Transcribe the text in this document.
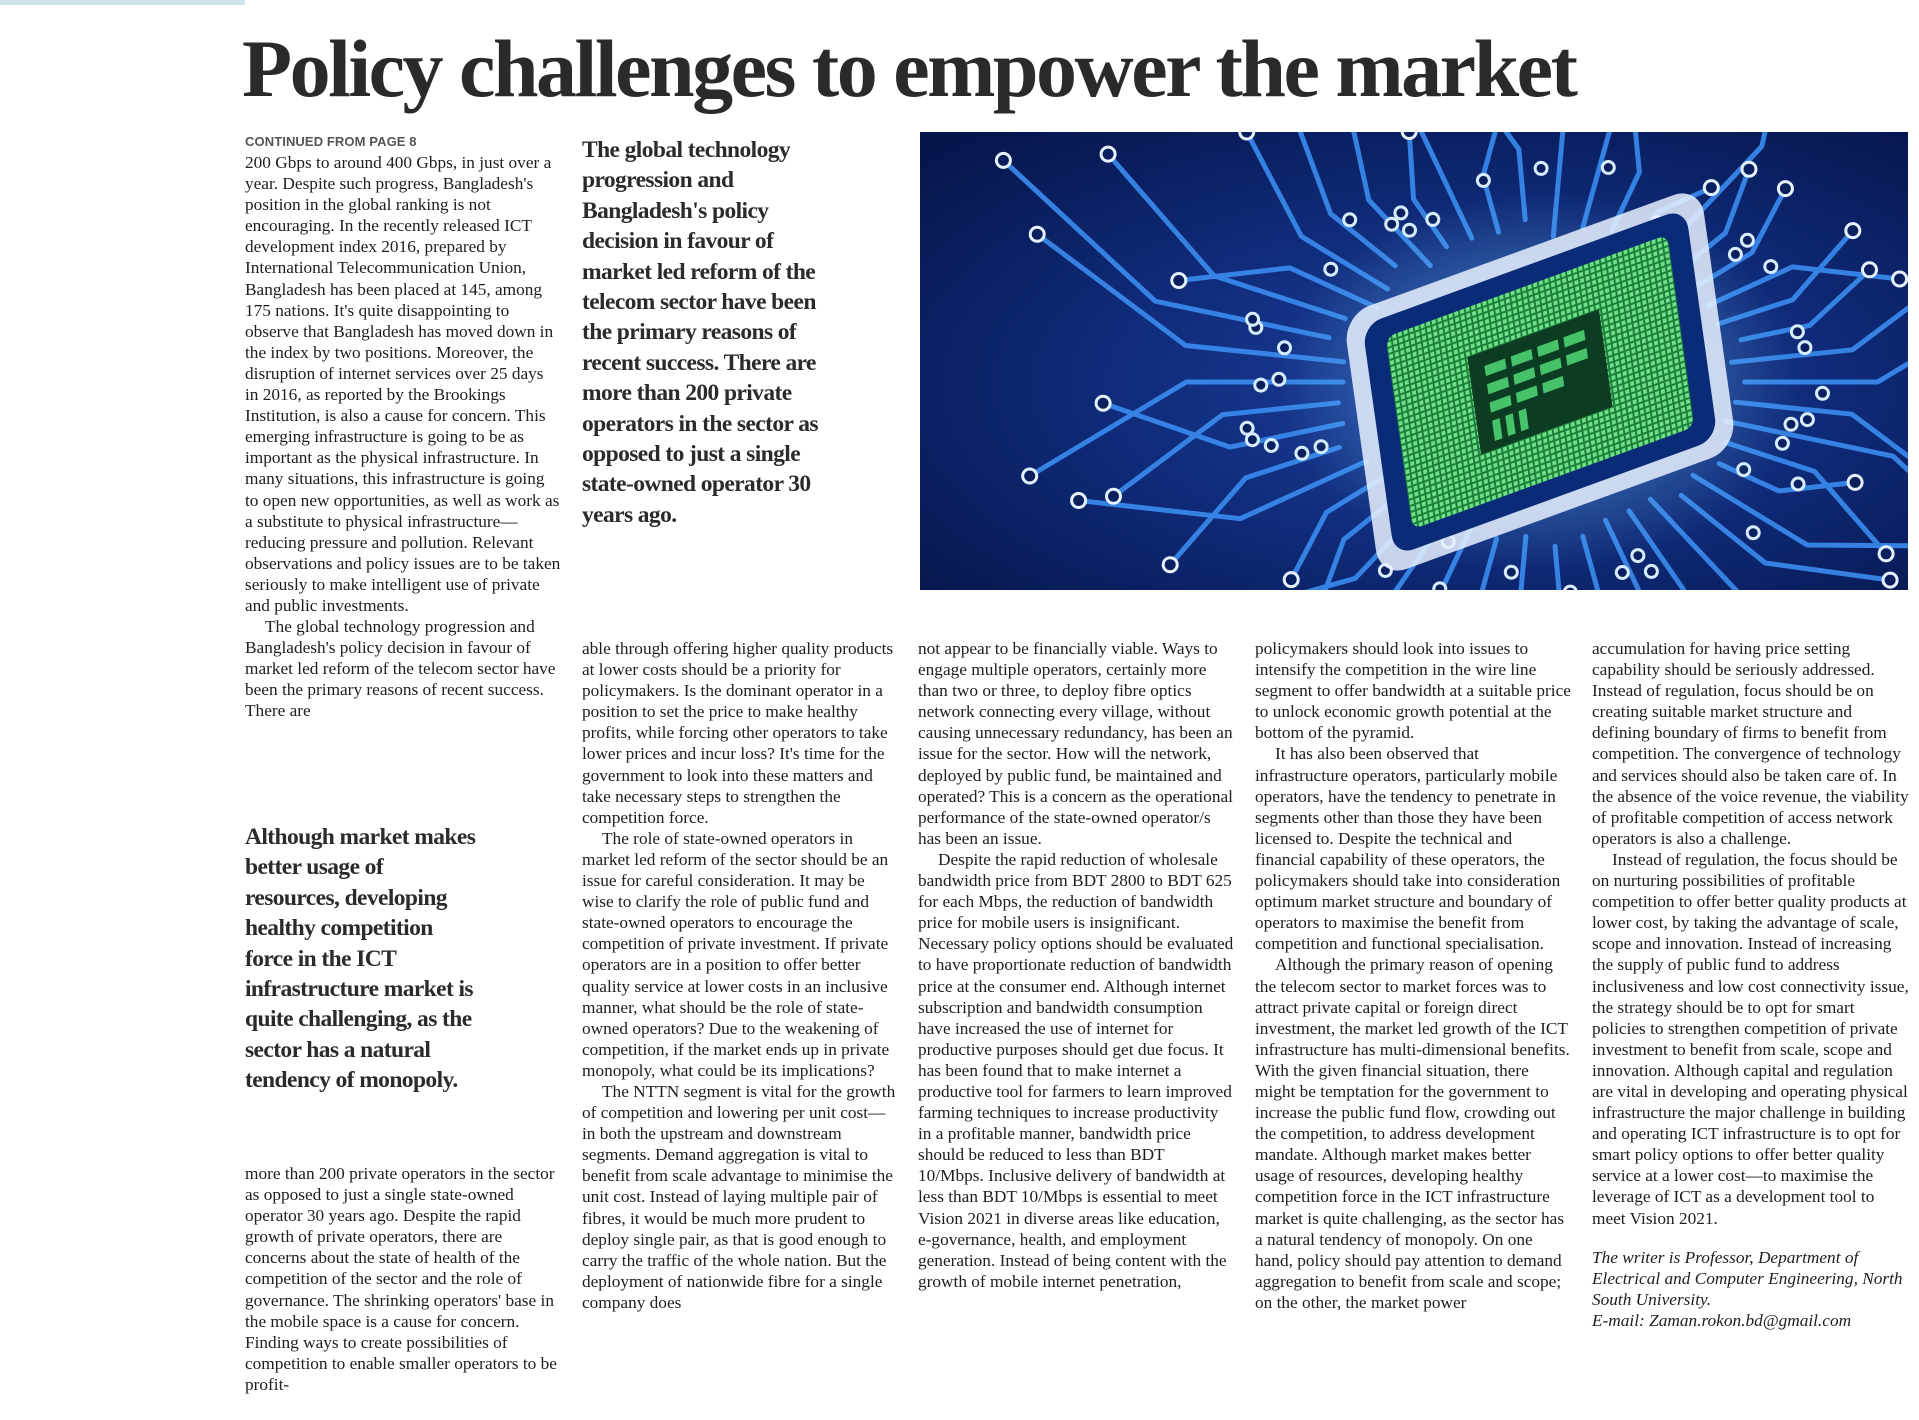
Policy challenges to empower the market
CONTINUED FROM PAGE 8

200 Gbps to around 400 Gbps, in just over a year. Despite such progress, Bangladesh's position in the global ranking is not encouraging. In the recently released ICT development index 2016, prepared by International Telecommunication Union, Bangladesh has been placed at 145, among 175 nations. It's quite disappointing to observe that Bangladesh has moved down in the index by two positions. Moreover, the disruption of internet services over 25 days in 2016, as reported by the Brookings Institution, is also a cause for concern. This emerging infrastructure is going to be as important as the physical infrastructure. In many situations, this infrastructure is going to open new opportunities, as well as work as a substitute to physical infrastructure—reducing pressure and pollution. Relevant observations and policy issues are to be taken seriously to make intelligent use of private and public investments.

The global technology progression and Bangladesh's policy decision in favour of market led reform of the telecom sector have been the primary reasons of recent success. There are

The global technology progression and Bangladesh's policy decision in favour of market led reform of the telecom sector have been the primary reasons of recent success. There are more than 200 private operators in the sector as opposed to just a single state-owned operator 30 years ago.
Although market makes better usage of resources, developing healthy competition force in the ICT infrastructure market is quite challenging, as the sector has a natural tendency of monopoly.

more than 200 private operators in the sector as opposed to just a single state-owned operator 30 years ago. Despite the rapid growth of private operators, there are concerns about the state of health of the competition of the sector and the role of governance. The shrinking operators' base in the mobile space is a cause for concern. Finding ways to create possibilities of competition to enable smaller operators to be profit-

able through offering higher quality products at lower costs should be a priority for policymakers. Is the dominant operator in a position to set the price to make healthy profits, while forcing other operators to take lower prices and incur loss? It's time for the government to look into these matters and take necessary steps to strengthen the competition force.

The role of state-owned operators in market led reform of the sector should be an issue for careful consideration. It may be wise to clarify the role of public fund and state-owned operators to encourage the competition of private investment. If private operators are in a position to offer better quality service at lower costs in an inclusive manner, what should be the role of state-owned operators? Due to the weakening of competition, if the market ends up in private monopoly, what could be its implications?

The NTTN segment is vital for the growth of competition and lowering per unit cost—in both the upstream and downstream segments. Demand aggregation is vital to benefit from scale advantage to minimise the unit cost. Instead of laying multiple pair of fibres, it would be much more prudent to deploy single pair, as that is good enough to carry the traffic of the whole nation. But the deployment of nationwide fibre for a single company does

not appear to be financially viable. Ways to engage multiple operators, certainly more than two or three, to deploy fibre optics network connecting every village, without causing unnecessary redundancy, has been an issue for the sector. How will the network, deployed by public fund, be maintained and operated? This is a concern as the operational performance of the state-owned operator/s has been an issue.

Despite the rapid reduction of wholesale bandwidth price from BDT 2800 to BDT 625 for each Mbps, the reduction of bandwidth price for mobile users is insignificant. Necessary policy options should be evaluated to have proportionate reduction of bandwidth price at the consumer end. Although internet subscription and bandwidth consumption have increased the use of internet for productive purposes should get due focus. It has been found that to make internet a productive tool for farmers to learn improved farming techniques to increase productivity in a profitable manner, bandwidth price should be reduced to less than BDT 10/Mbps. Inclusive delivery of bandwidth at less than BDT 10/Mbps is essential to meet Vision 2021 in diverse areas like education, e-governance, health, and employment generation. Instead of being content with the growth of mobile internet penetration,

policymakers should look into issues to intensify the competition in the wire line segment to offer bandwidth at a suitable price to unlock economic growth potential at the bottom of the pyramid.

It has also been observed that infrastructure operators, particularly mobile operators, have the tendency to penetrate in segments other than those they have been licensed to. Despite the technical and financial capability of these operators, the policymakers should take into consideration optimum market structure and boundary of operators to maximise the benefit from competition and functional specialisation.

Although the primary reason of opening the telecom sector to market forces was to attract private capital or foreign direct investment, the market led growth of the ICT infrastructure has multi-dimensional benefits. With the given financial situation, there might be temptation for the government to increase the public fund flow, crowding out the competition, to address development mandate. Although market makes better usage of resources, developing healthy competition force in the ICT infrastructure market is quite challenging, as the sector has a natural tendency of monopoly. On one hand, policy should pay attention to demand aggregation to benefit from scale and scope; on the other, the market power

accumulation for having price setting capability should be seriously addressed. Instead of regulation, focus should be on creating suitable market structure and defining boundary of firms to benefit from competition. The convergence of technology and services should also be taken care of. In the absence of the voice revenue, the viability of profitable competition of access network operators is also a challenge.

Instead of regulation, the focus should be on nurturing possibilities of profitable competition to offer better quality products at lower cost, by taking the advantage of scale, scope and innovation. Instead of increasing the supply of public fund to address inclusiveness and low cost connectivity issue, the strategy should be to opt for smart policies to strengthen competition of private investment to benefit from scale, scope and innovation. Although capital and regulation are vital in developing and operating physical infrastructure the major challenge in building and operating ICT infrastructure is to opt for smart policy options to offer better quality service at a lower cost—to maximise the leverage of ICT as a development tool to meet Vision 2021.

The writer is Professor, Department of Electrical and Computer Engineering, North South University.

E-mail: Zaman.rokon.bd@gmail.com
